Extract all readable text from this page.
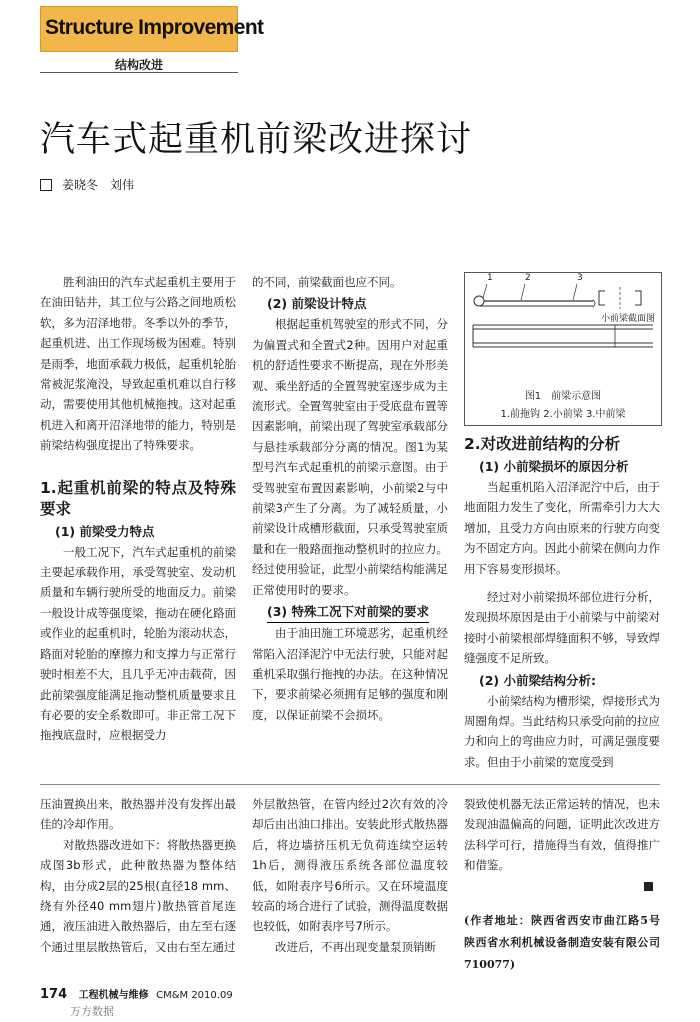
Structure Improvement
结构改进
汽车式起重机前梁改进探讨
姜晓冬　刘伟

胜利油田的汽车式起重机主要用于在油田钻井，其工位与公路之间地质松软，多为沼泽地带。冬季以外的季节，起重机进、出工作现场极为困难。特别是雨季，地面承载力极低，起重机轮胎常被泥浆淹没，导致起重机难以自行移动，需要使用其他机械拖拽。这对起重机进入和离开沼泽地带的能力，特别是前梁结构强度提出了特殊要求。

1.起重机前梁的特点及特殊要求
(1) 前梁受力特点

一般工况下，汽车式起重机的前梁主要起承载作用，承受驾驶室、发动机质量和车辆行驶所受的地面反力。前梁一般设计成等强度梁，拖动在硬化路面或作业的起重机时，轮胎为滚动状态，路面对轮胎的摩擦力和支撑力与正常行驶时相差不大，且几乎无冲击载荷，因此前梁强度能满足拖动整机质量要求且有必要的安全系数即可。非正常工况下拖拽底盘时，应根据受力

的不同，前梁截面也应不同。

(2) 前梁设计特点

根据起重机驾驶室的形式不同，分为偏置式和全置式2种。因用户对起重机的舒适性要求不断提高，现在外形美观、乘坐舒适的全置驾驶室逐步成为主流形式。全置驾驶室由于受底盘布置等因素影响，前梁出现了驾驶室承载部分与悬挂承载部分分离的情况。图1为某型号汽车式起重机的前梁示意图。由于受驾驶室布置因素影响，小前梁2与中前梁3产生了分离。为了减轻质量，小前梁设计成槽形截面，只承受驾驶室质量和在一般路面拖动整机时的拉应力。经过使用验证，此型小前梁结构能满足正常使用时的要求。

(3) 特殊工况下对前梁的要求

由于油田施工环境恶劣，起重机经常陷入沼泽泥泞中无法行驶，只能对起重机采取强行拖拽的办法。在这种情况下，要求前梁必须拥有足够的强度和刚度，以保证前梁不会损坏。

1	2	3
小前梁截面图
图1　前梁示意图
1.前拖钩 2.小前梁 3.中前梁
2.对改进前结构的分析
(1) 小前梁损坏的原因分析

当起重机陷入沼泽泥泞中后，由于地面阻力发生了变化，所需牵引力大大增加，且受力方向由原来的行驶方向变为不固定方向。因此小前梁在侧向力作用下容易变形损坏。

经过对小前梁损坏部位进行分析，发现损坏原因是由于小前梁与中前梁对接时小前梁根部焊缝面积不够，导致焊缝强度不足所致。

(2) 小前梁结构分析:

小前梁结构为槽形梁，焊接形式为周圈角焊。当此结构只承受向前的拉应力和向上的弯曲应力时，可满足强度要求。但由于小前梁的宽度受到

压油置换出来，散热器并没有发挥出最佳的冷却作用。

对散热器改进如下：将散热器更换成图3b形式，此种散热器为整体结构，由分成2层的25根(直径18 mm、绕有外径40 mm翅片)散热管首尾连通，液压油进入散热器后，由左至右逐个通过里层散热管后，又由右至左通过

外层散热管，在管内经过2次有效的冷却后由出油口排出。安装此形式散热器后，将边墙挤压机无负荷连续空运转1h后，测得液压系统各部位温度较低，如附表序号6所示。又在环境温度较高的场合进行了试验，测得温度数据也较低，如附表序号7所示。

改进后，不再出现变量泵顶销断

裂致使机器无法正常运转的情况，也未发现油温偏高的问题，证明此次改进方法科学可行，措施得当有效，值得推广和借鉴。

(作者地址：陕西省西安市曲江路5号　陕西省水利机械设备制造安装有限公司　710077)
174 工程机械与维修 CM&M 2010.09
万方数据
